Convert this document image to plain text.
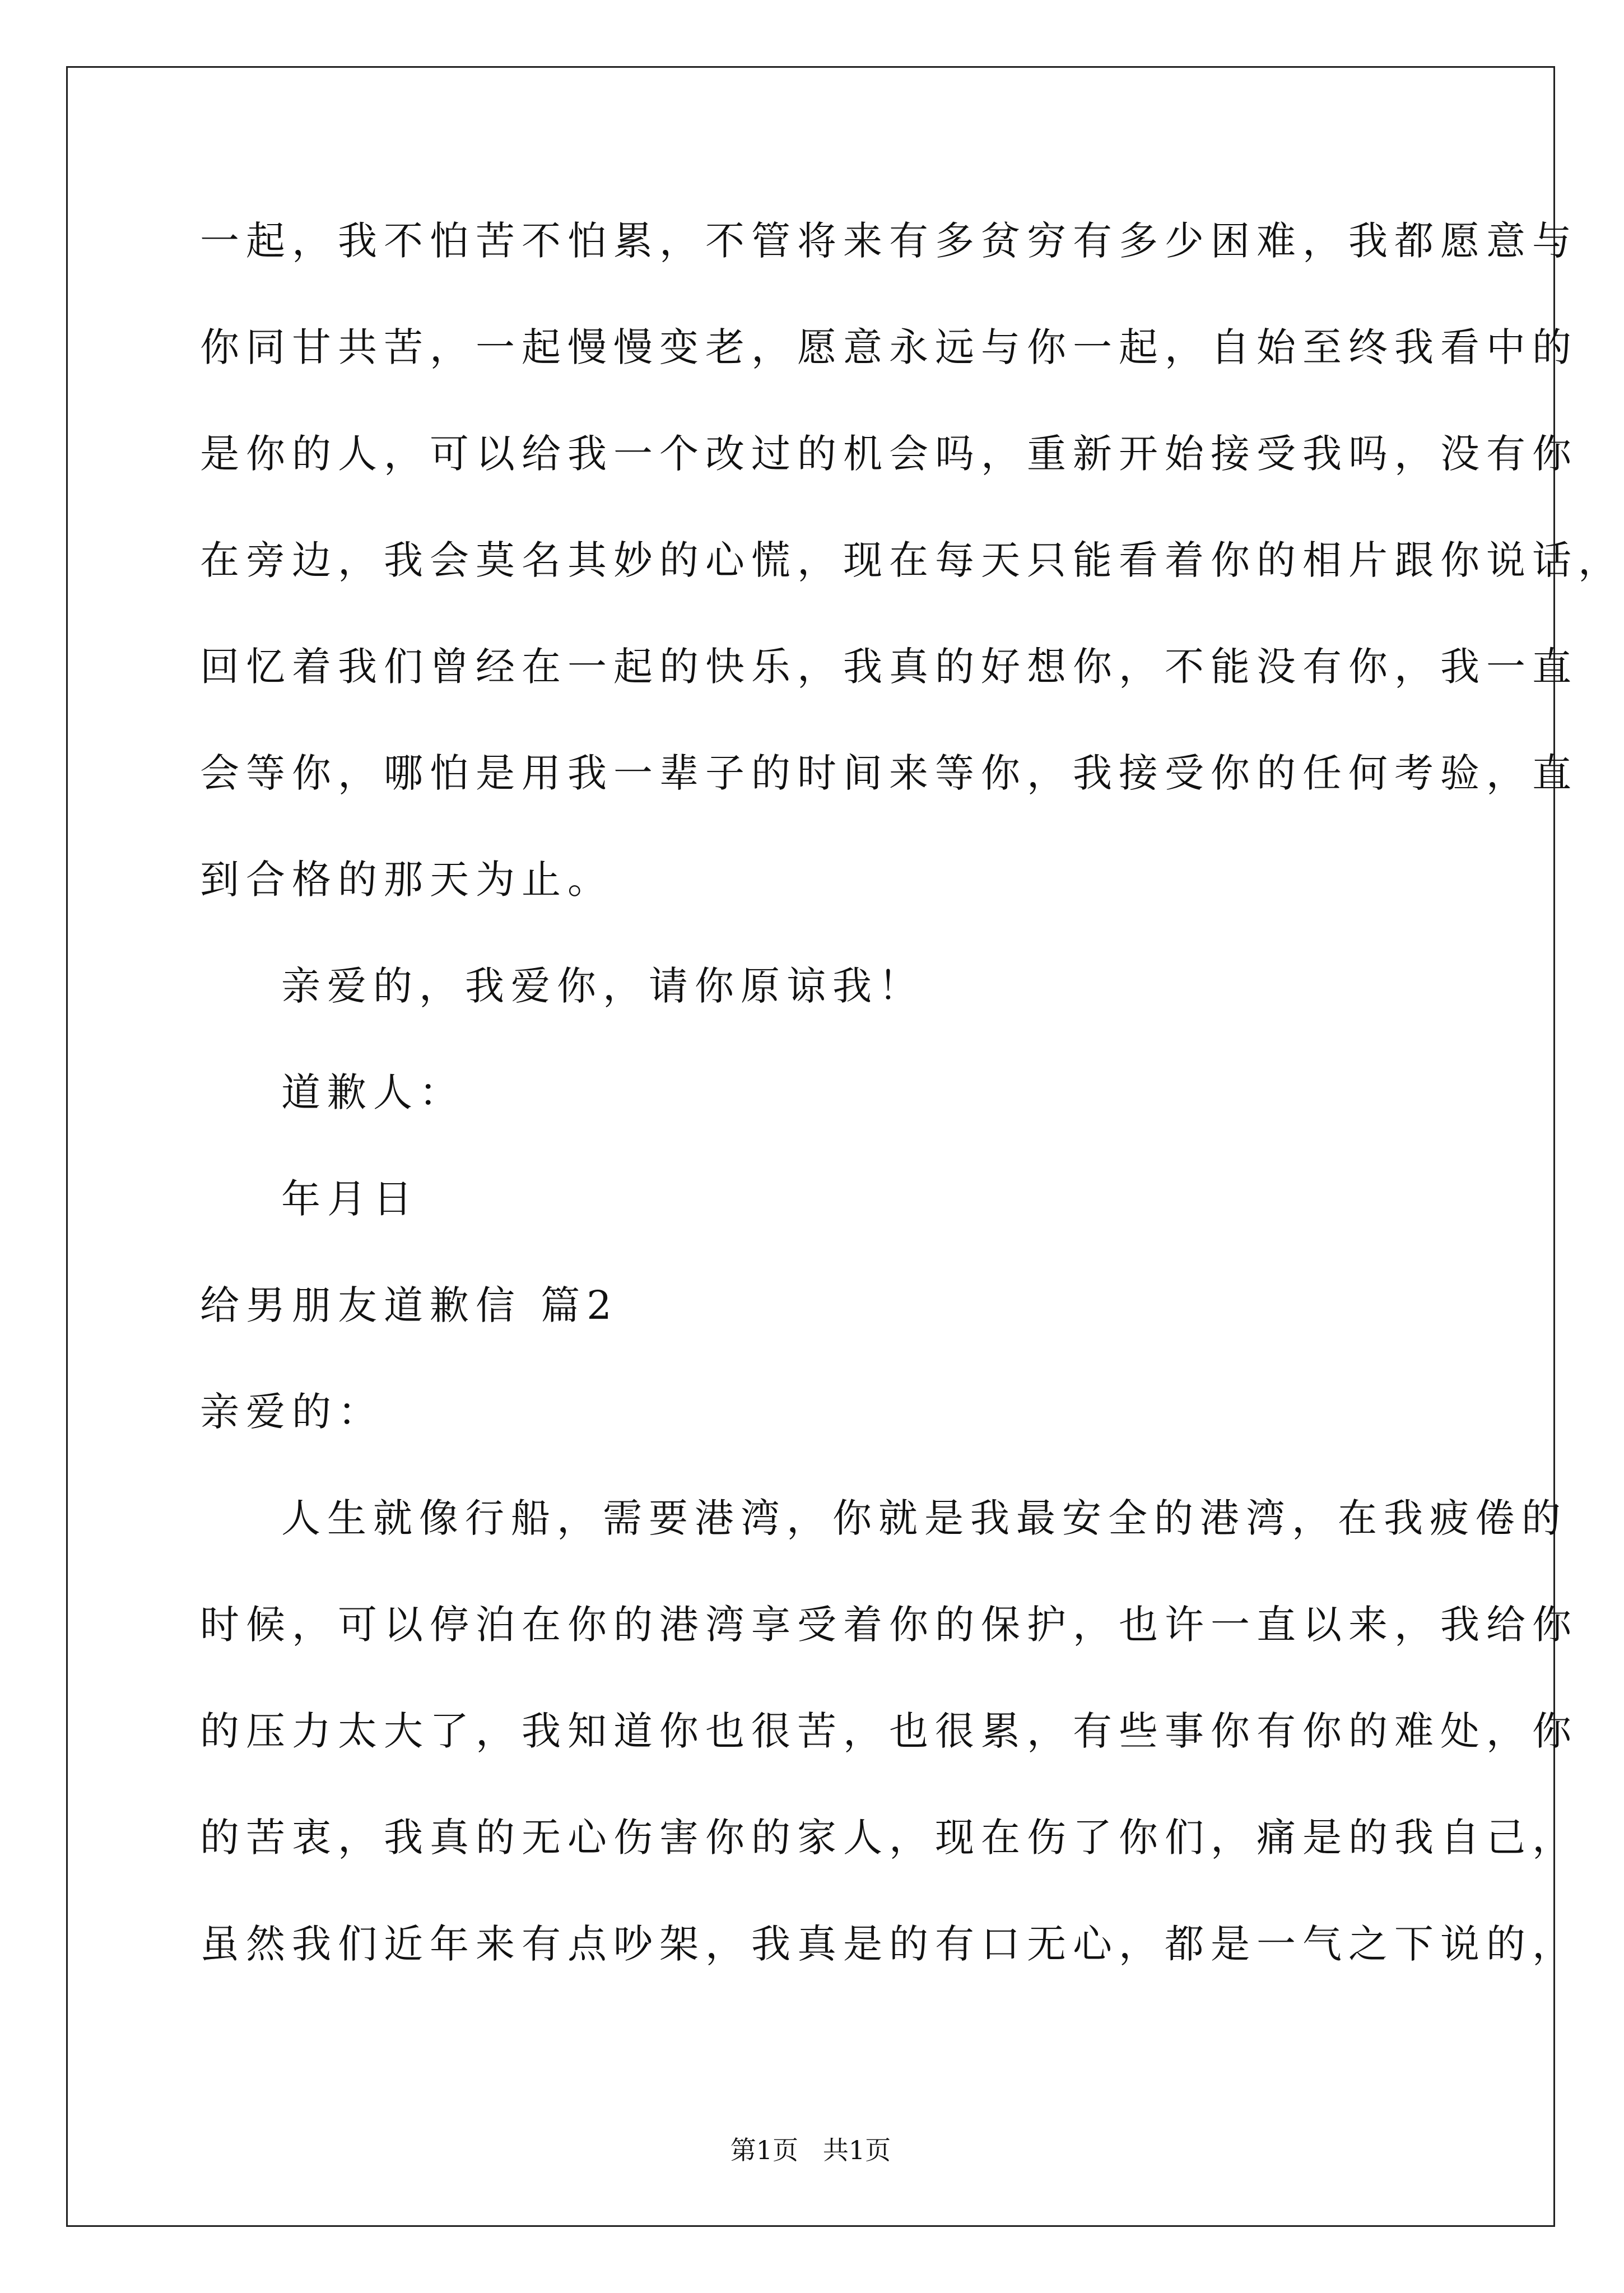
一起，我不怕苦不怕累，不管将来有多贫穷有多少困难，我都愿意与
你同甘共苦，一起慢慢变老，愿意永远与你一起，自始至终我看中的
是你的人，可以给我一个改过的机会吗，重新开始接受我吗，没有你
在旁边，我会莫名其妙的心慌，现在每天只能看着你的相片跟你说话，
回忆着我们曾经在一起的快乐，我真的好想你，不能没有你，我一直
会等你，哪怕是用我一辈子的时间来等你，我接受你的任何考验，直
到合格的那天为止。
亲爱的，我爱你，请你原谅我！
道歉人：
年月日
给男朋友道歉信 篇2
亲爱的：
人生就像行船，需要港湾，你就是我最安全的港湾，在我疲倦的
时候，可以停泊在你的港湾享受着你的保护，也许一直以来，我给你
的压力太大了，我知道你也很苦，也很累，有些事你有你的难处，你
的苦衷，我真的无心伤害你的家人，现在伤了你们，痛是的我自己，
虽然我们近年来有点吵架，我真是的有口无心，都是一气之下说的，
第1页   共1页
